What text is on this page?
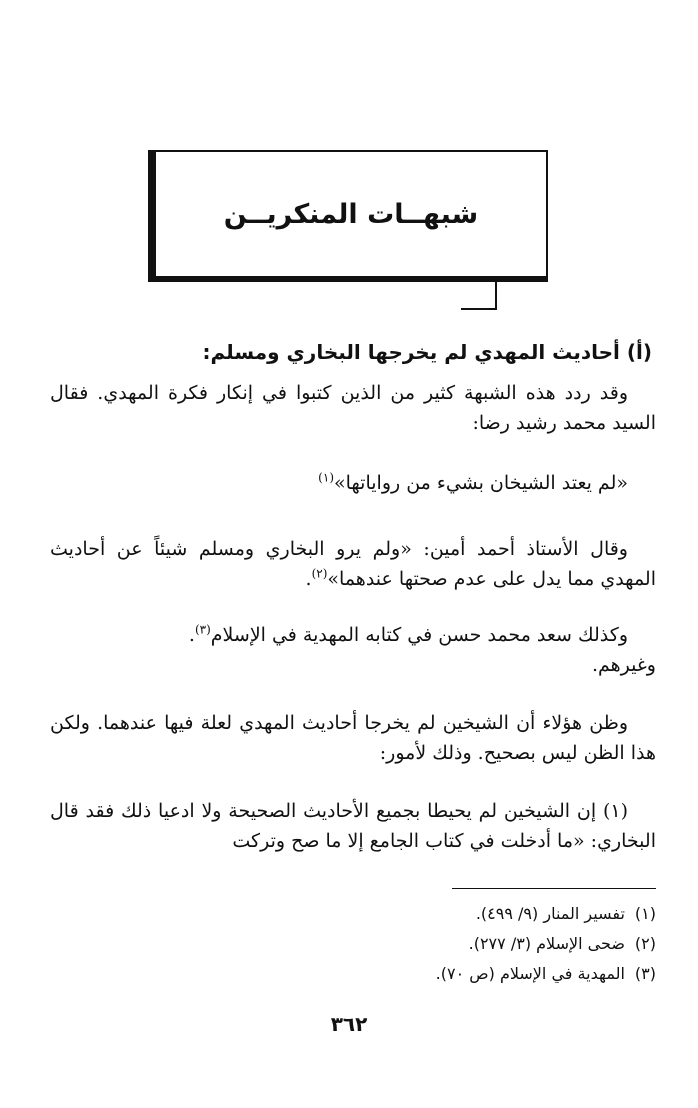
شبهــات المنكريــن
(أ) أحاديث المهدي لم يخرجها البخاري ومسلم:
وقد ردد هذه الشبهة كثير من الذين كتبوا في إنكار فكرة المهدي. فقال السيد محمد رشيد رضا:
«لم يعتد الشيخان بشيء من رواياتها»$^{(١)}$
وقال الأستاذ أحمد أمين: «ولم يرو البخاري ومسلم شيئاً عن أحاديث المهدي مما يدل على عدم صحتها عندهما»$^{(٢)}$.
وكذلك سعد محمد حسن في كتابه المهدية في الإسلام$^{(٣)}$.
وغيرهم.
وظن هؤلاء أن الشيخين لم يخرجا أحاديث المهدي لعلة فيها عندهما. ولكن هذا الظن ليس بصحيح. وذلك لأمور:
(١) إن الشيخين لم يحيطا بجميع الأحاديث الصحيحة ولا ادعيا ذلك فقد قال البخاري: «ما أدخلت في كتاب الجامع إلا ما صح وتركت
(١)تفسير المنار (٩/ ٤٩٩).
(٢)ضحى الإسلام (٣/ ٢٧٧).
(٣)المهدية في الإسلام (ص ٧٠).
٣٦٢
